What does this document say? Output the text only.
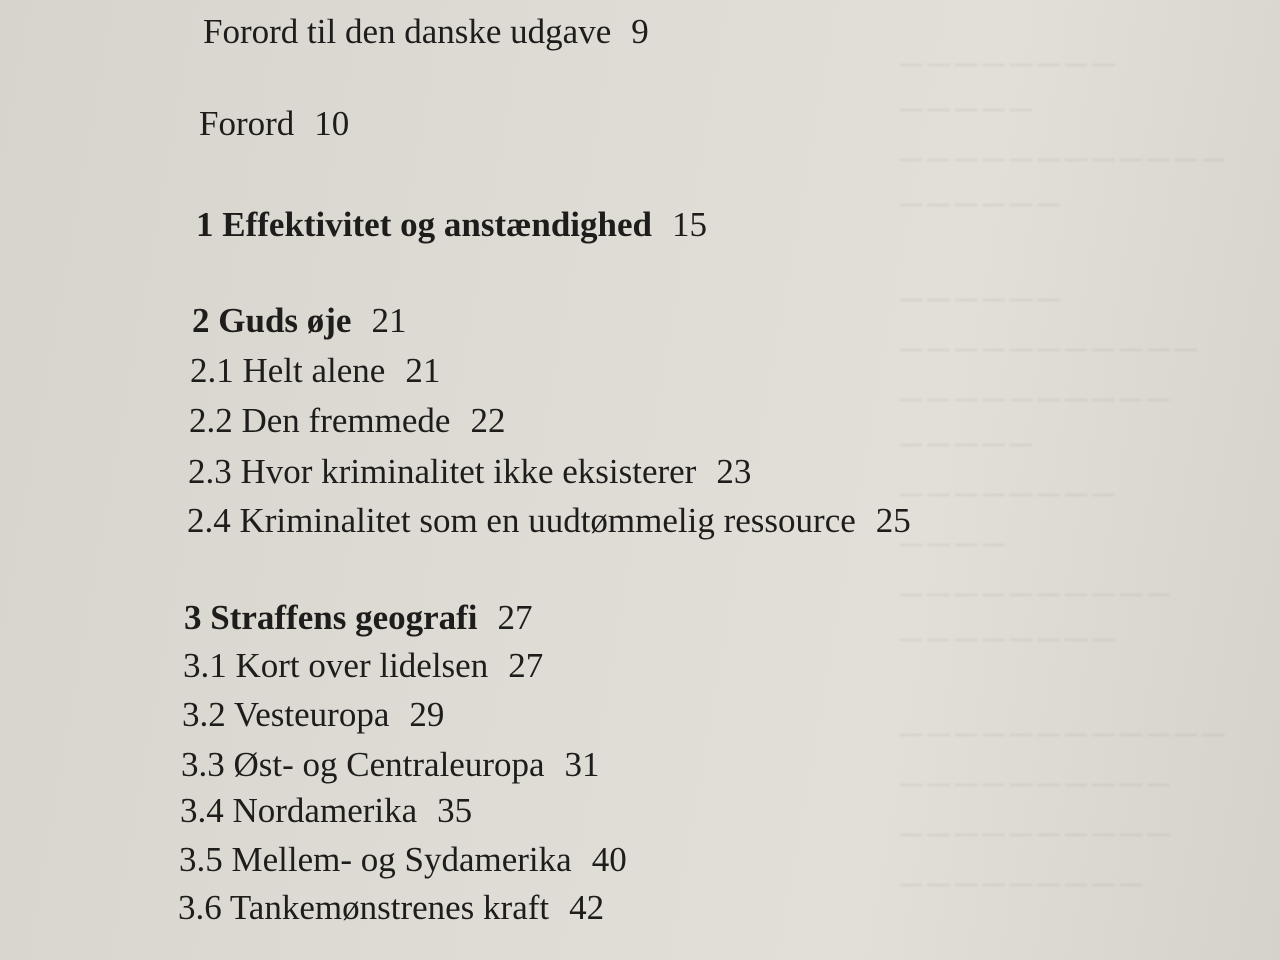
— — — — — — — —
— — — — —
— — — — — — — — — — — —
— — — — — —
— — — — — —
— — — — — — — — — — —
— — — — — — — — — —
— — — — —
— — — — — — — —
— — — —
— — — — — — — — — —
— — — — — — — —
— — — — — — — — — — — —
— — — — — — — — — —
— — — — — — — — — —
— — — — — — — — —
Forord til den danske udgave 9
Forord 10
1 Effektivitet og anstændighed 15
2 Guds øje 21
2.1 Helt alene 21
2.2 Den fremmede 22
2.3 Hvor kriminalitet ikke eksisterer 23
2.4 Kriminalitet som en uudtømmelig ressource 25
3 Straffens geografi 27
3.1 Kort over lidelsen 27
3.2 Vesteuropa 29
3.3 Øst- og Centraleuropa 31
3.4 Nordamerika 35
3.5 Mellem- og Sydamerika 40
3.6 Tankemønstrenes kraft 42
